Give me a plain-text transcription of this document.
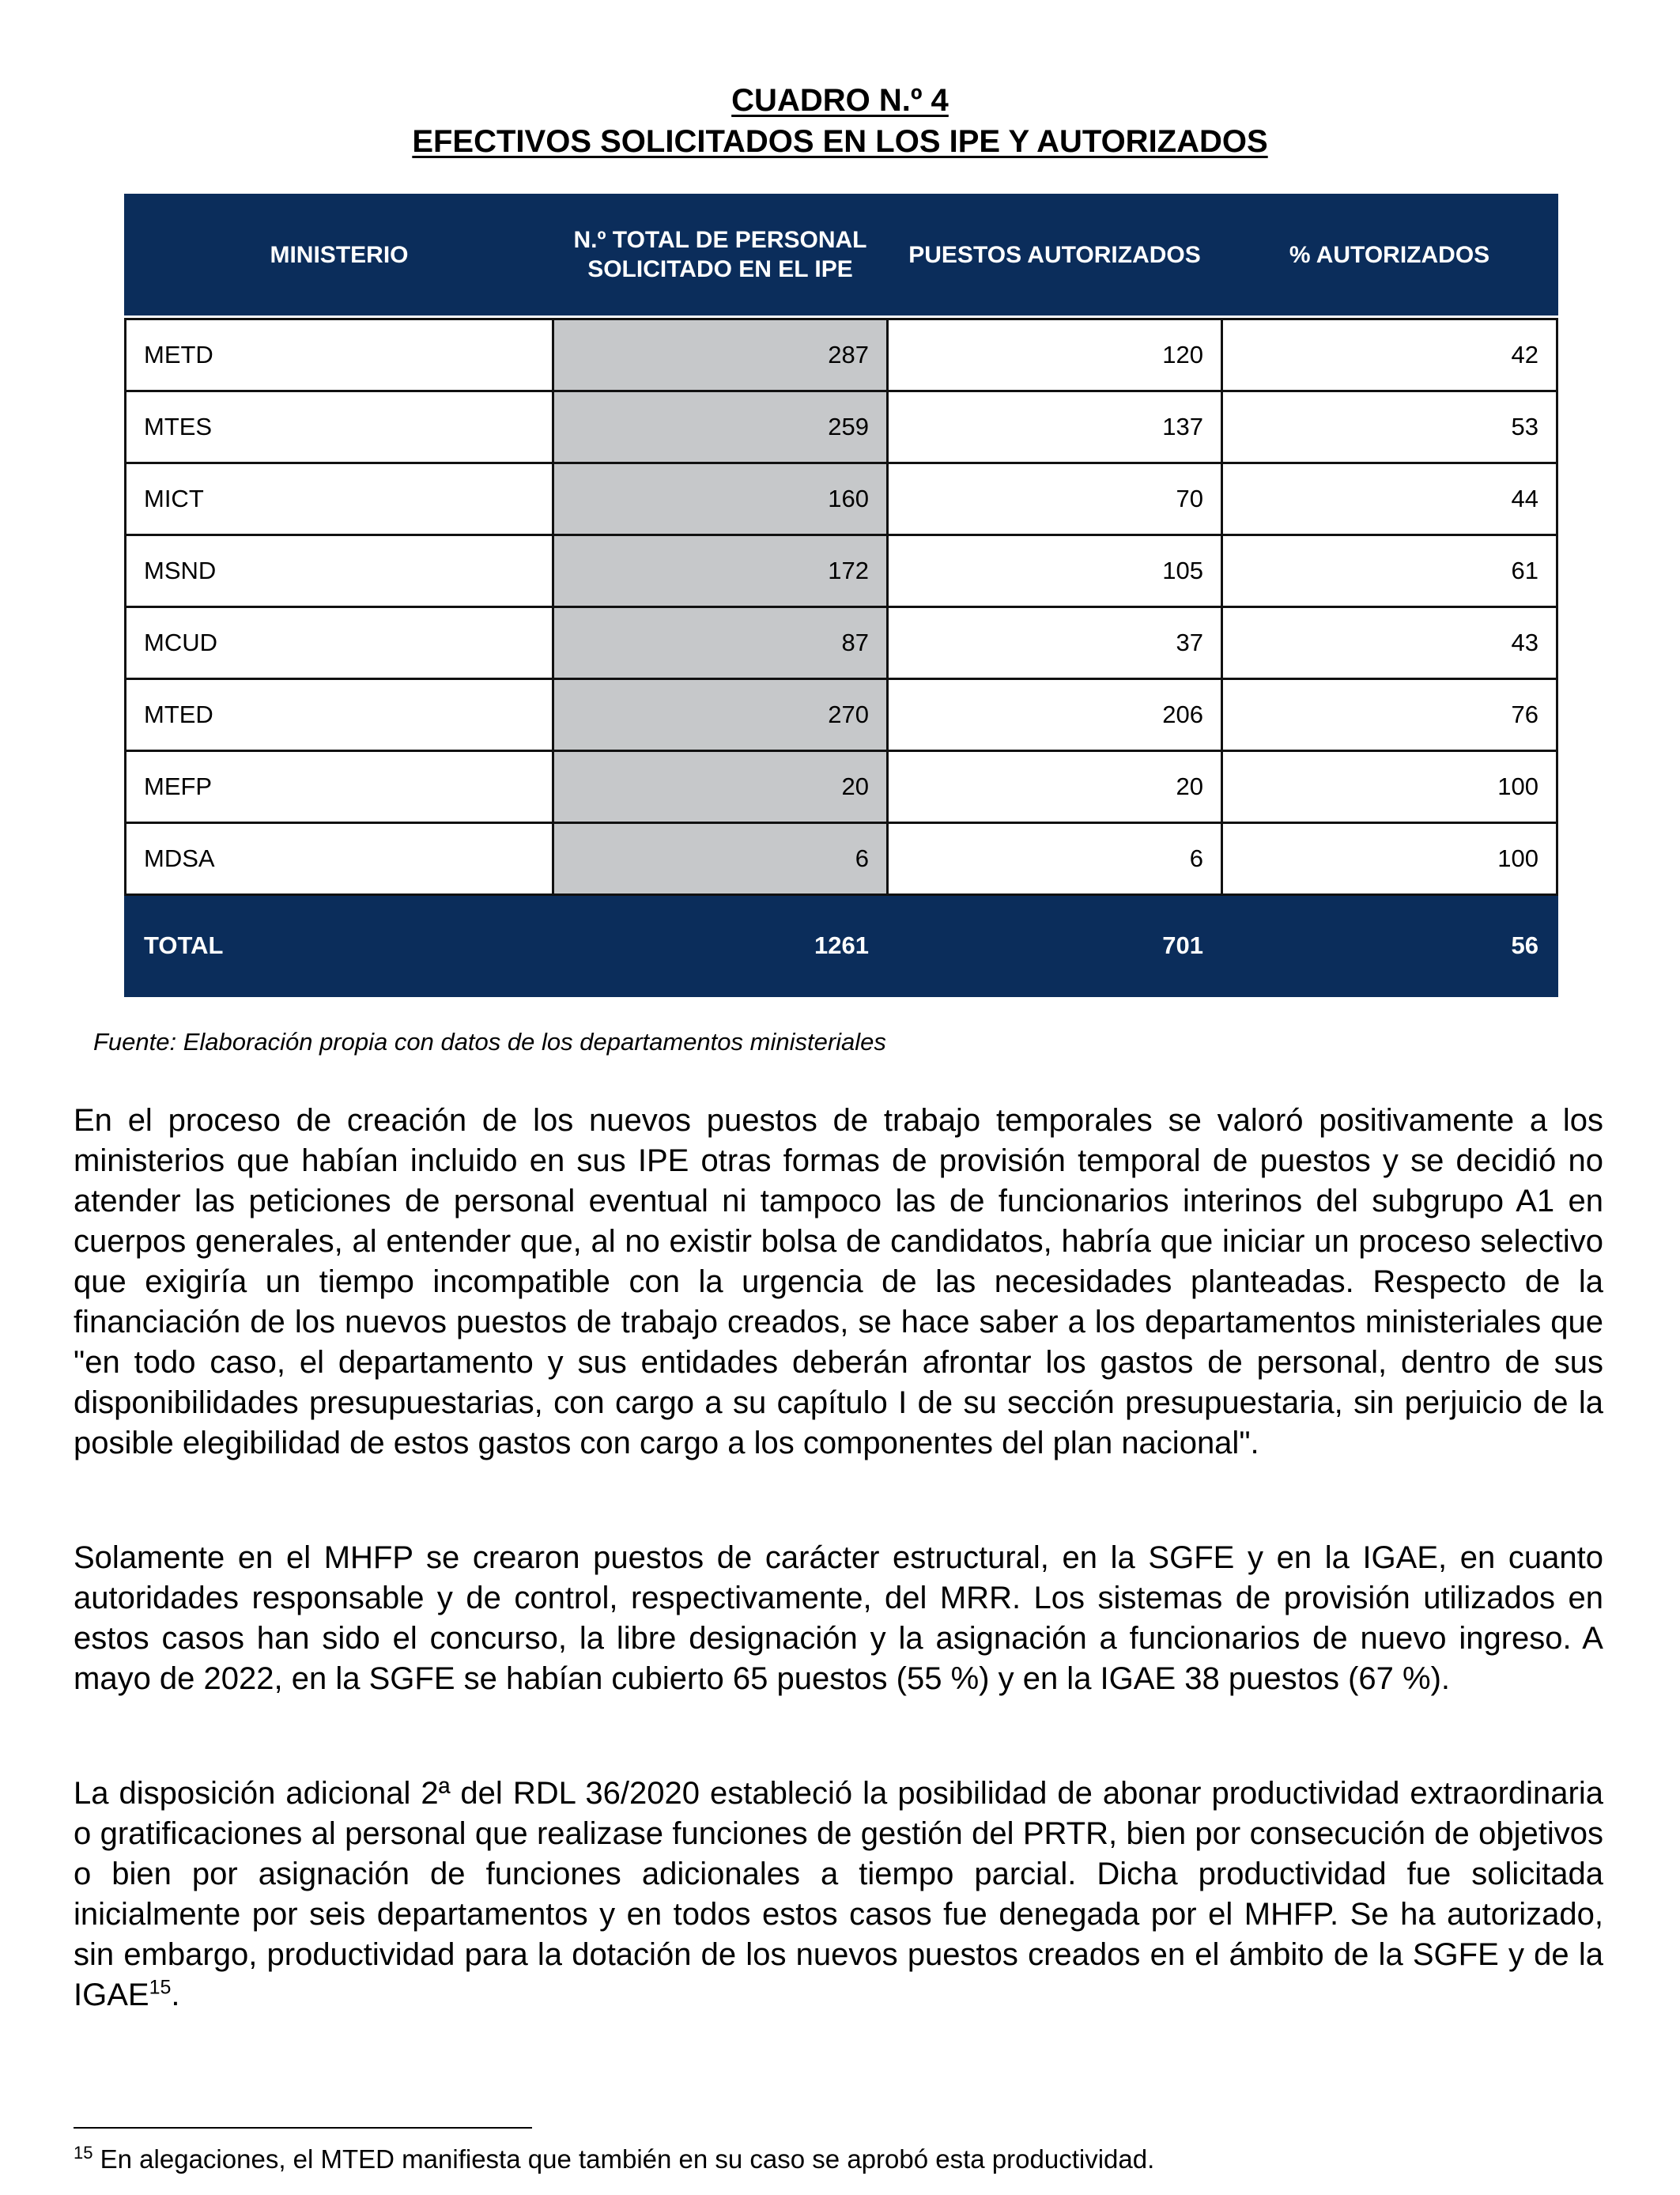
CUADRO N.º 4
EFECTIVOS SOLICITADOS EN LOS IPE Y AUTORIZADOS
MINISTERIO	N.º TOTAL DE PERSONAL SOLICITADO EN EL IPE	PUESTOS AUTORIZADOS	% AUTORIZADOS

METD	287	120	42
MTES	259	137	53
MICT	160	70	44
MSND	172	105	61
MCUD	87	37	43
MTED	270	206	76
MEFP	20	20	100
MDSA	6	6	100
TOTAL	1261	701	56
Fuente: Elaboración propia con datos de los departamentos ministeriales

En el proceso de creación de los nuevos puestos de trabajo temporales se valoró positivamente a los ministerios que habían incluido en sus IPE otras formas de provisión temporal de puestos y se decidió no atender las peticiones de personal eventual ni tampoco las de funcionarios interinos del subgrupo A1 en cuerpos generales, al entender que, al no existir bolsa de candidatos, habría que iniciar un proceso selectivo que exigiría un tiempo incompatible con la urgencia de las necesidades planteadas. Respecto de la financiación de los nuevos puestos de trabajo creados, se hace saber a los departamentos ministeriales que "en todo caso, el departamento y sus entidades deberán afrontar los gastos de personal, dentro de sus disponibilidades presupuestarias, con cargo a su capítulo I de su sección presupuestaria, sin perjuicio de la posible elegibilidad de estos gastos con cargo a los componentes del plan nacional".

Solamente en el MHFP se crearon puestos de carácter estructural, en la SGFE y en la IGAE, en cuanto autoridades responsable y de control, respectivamente, del MRR. Los sistemas de provisión utilizados en estos casos han sido el concurso, la libre designación y la asignación a funcionarios de nuevo ingreso. A mayo de 2022, en la SGFE se habían cubierto 65 puestos (55 %) y en la IGAE 38 puestos (67 %).

La disposición adicional 2ª del RDL 36/2020 estableció la posibilidad de abonar productividad extraordinaria o gratificaciones al personal que realizase funciones de gestión del PRTR, bien por consecución de objetivos o bien por asignación de funciones adicionales a tiempo parcial. Dicha productividad fue solicitada inicialmente por seis departamentos y en todos estos casos fue denegada por el MHFP. Se ha autorizado, sin embargo, productividad para la dotación de los nuevos puestos creados en el ámbito de la SGFE y de la IGAE$^{15}$.

$^{15}$ En alegaciones, el MTED manifiesta que también en su caso se aprobó esta productividad.
